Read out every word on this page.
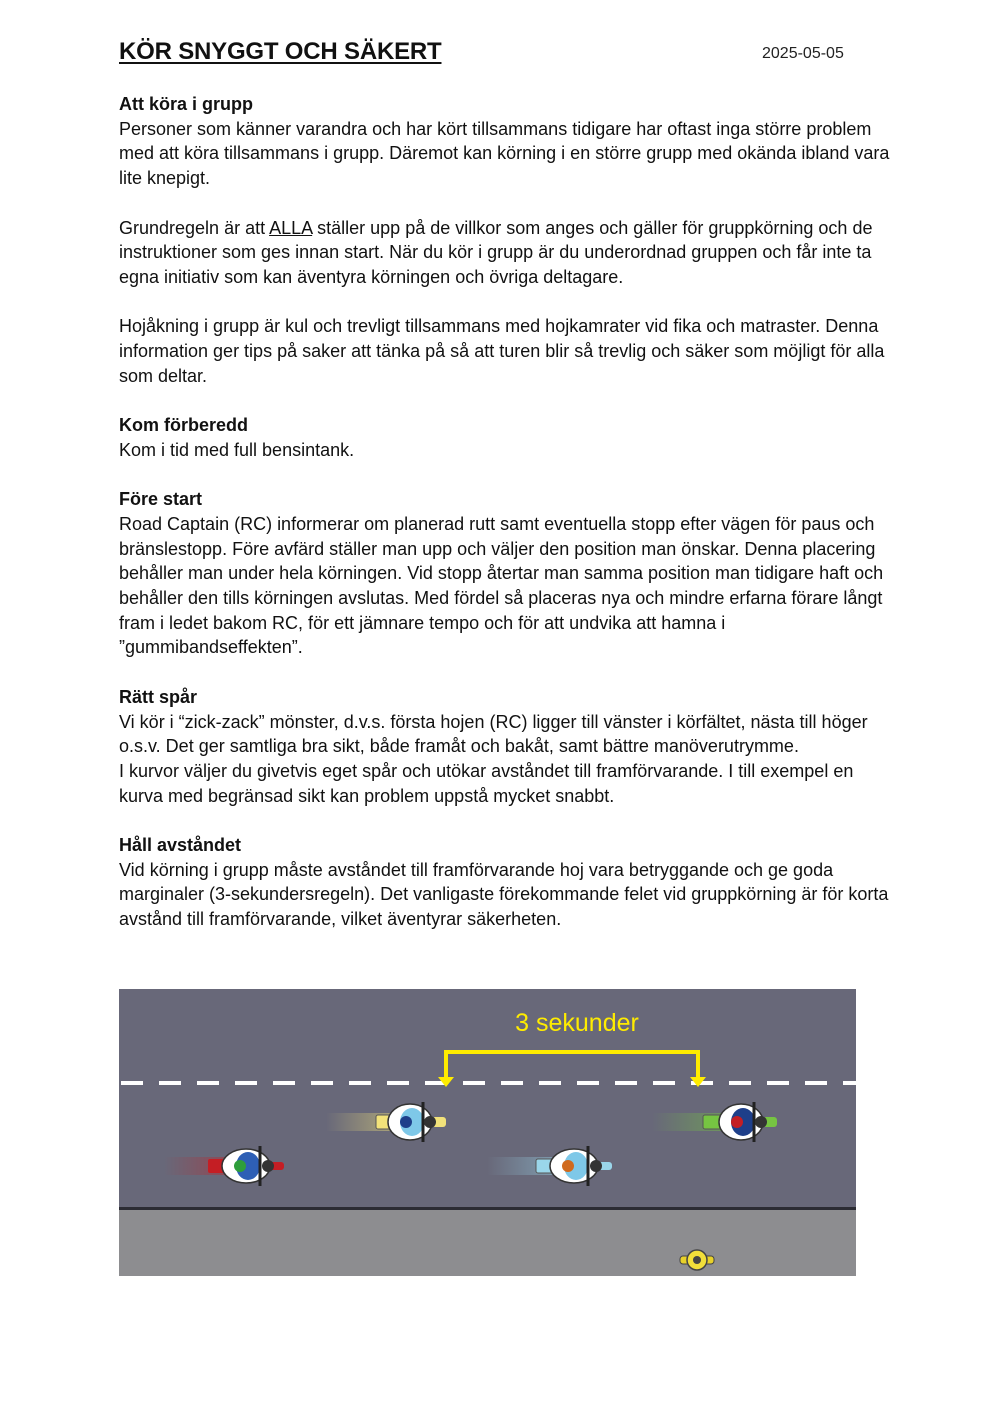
KÖR SNYGGT OCH SÄKERT	2025-05-05
Att köra i grupp

Personer som känner varandra och har kört tillsammans tidigare har oftast inga större problem med att köra tillsammans i grupp. Däremot kan körning i en större grupp med okända ibland vara lite knepigt.

Grundregeln är att ALLA ställer upp på de villkor som anges och gäller för gruppkörning och de instruktioner som ges innan start. När du kör i grupp är du underordnad gruppen och får inte ta egna initiativ som kan äventyra körningen och övriga deltagare.

Hojåkning i grupp är kul och trevligt tillsammans med hojkamrater vid fika och matraster. Denna information ger tips på saker att tänka på så att turen blir så trevlig och säker som möjligt för alla som deltar.

Kom förberedd

Kom i tid med full bensintank.

Före start

Road Captain (RC) informerar om planerad rutt samt eventuella stopp efter vägen för paus och bränslestopp. Före avfärd ställer man upp och väljer den position man önskar. Denna placering behåller man under hela körningen. Vid stopp återtar man samma position man tidigare haft och behåller den tills körningen avslutas. Med fördel så placeras nya och mindre erfarna förare långt fram i ledet bakom RC, för ett jämnare tempo och för att undvika att hamna i ”gummibandseffekten”.

Rätt spår

Vi kör i “zick-zack” mönster, d.v.s. första hojen (RC) ligger till vänster i körfältet, nästa till höger o.s.v. Det ger samtliga bra sikt, både framåt och bakåt, samt bättre manöverutrymme.

I kurvor väljer du givetvis eget spår och utökar avståndet till framförvarande. I till exempel en kurva med begränsad sikt kan problem uppstå mycket snabbt.

Håll avståndet

Vid körning i grupp måste avståndet till framförvarande hoj vara betryggande och ge goda marginaler (3-sekundersregeln). Det vanligaste förekommande felet vid gruppkörning är för korta avstånd till framförvarande, vilket äventyrar säkerheten.

3 sekunder
